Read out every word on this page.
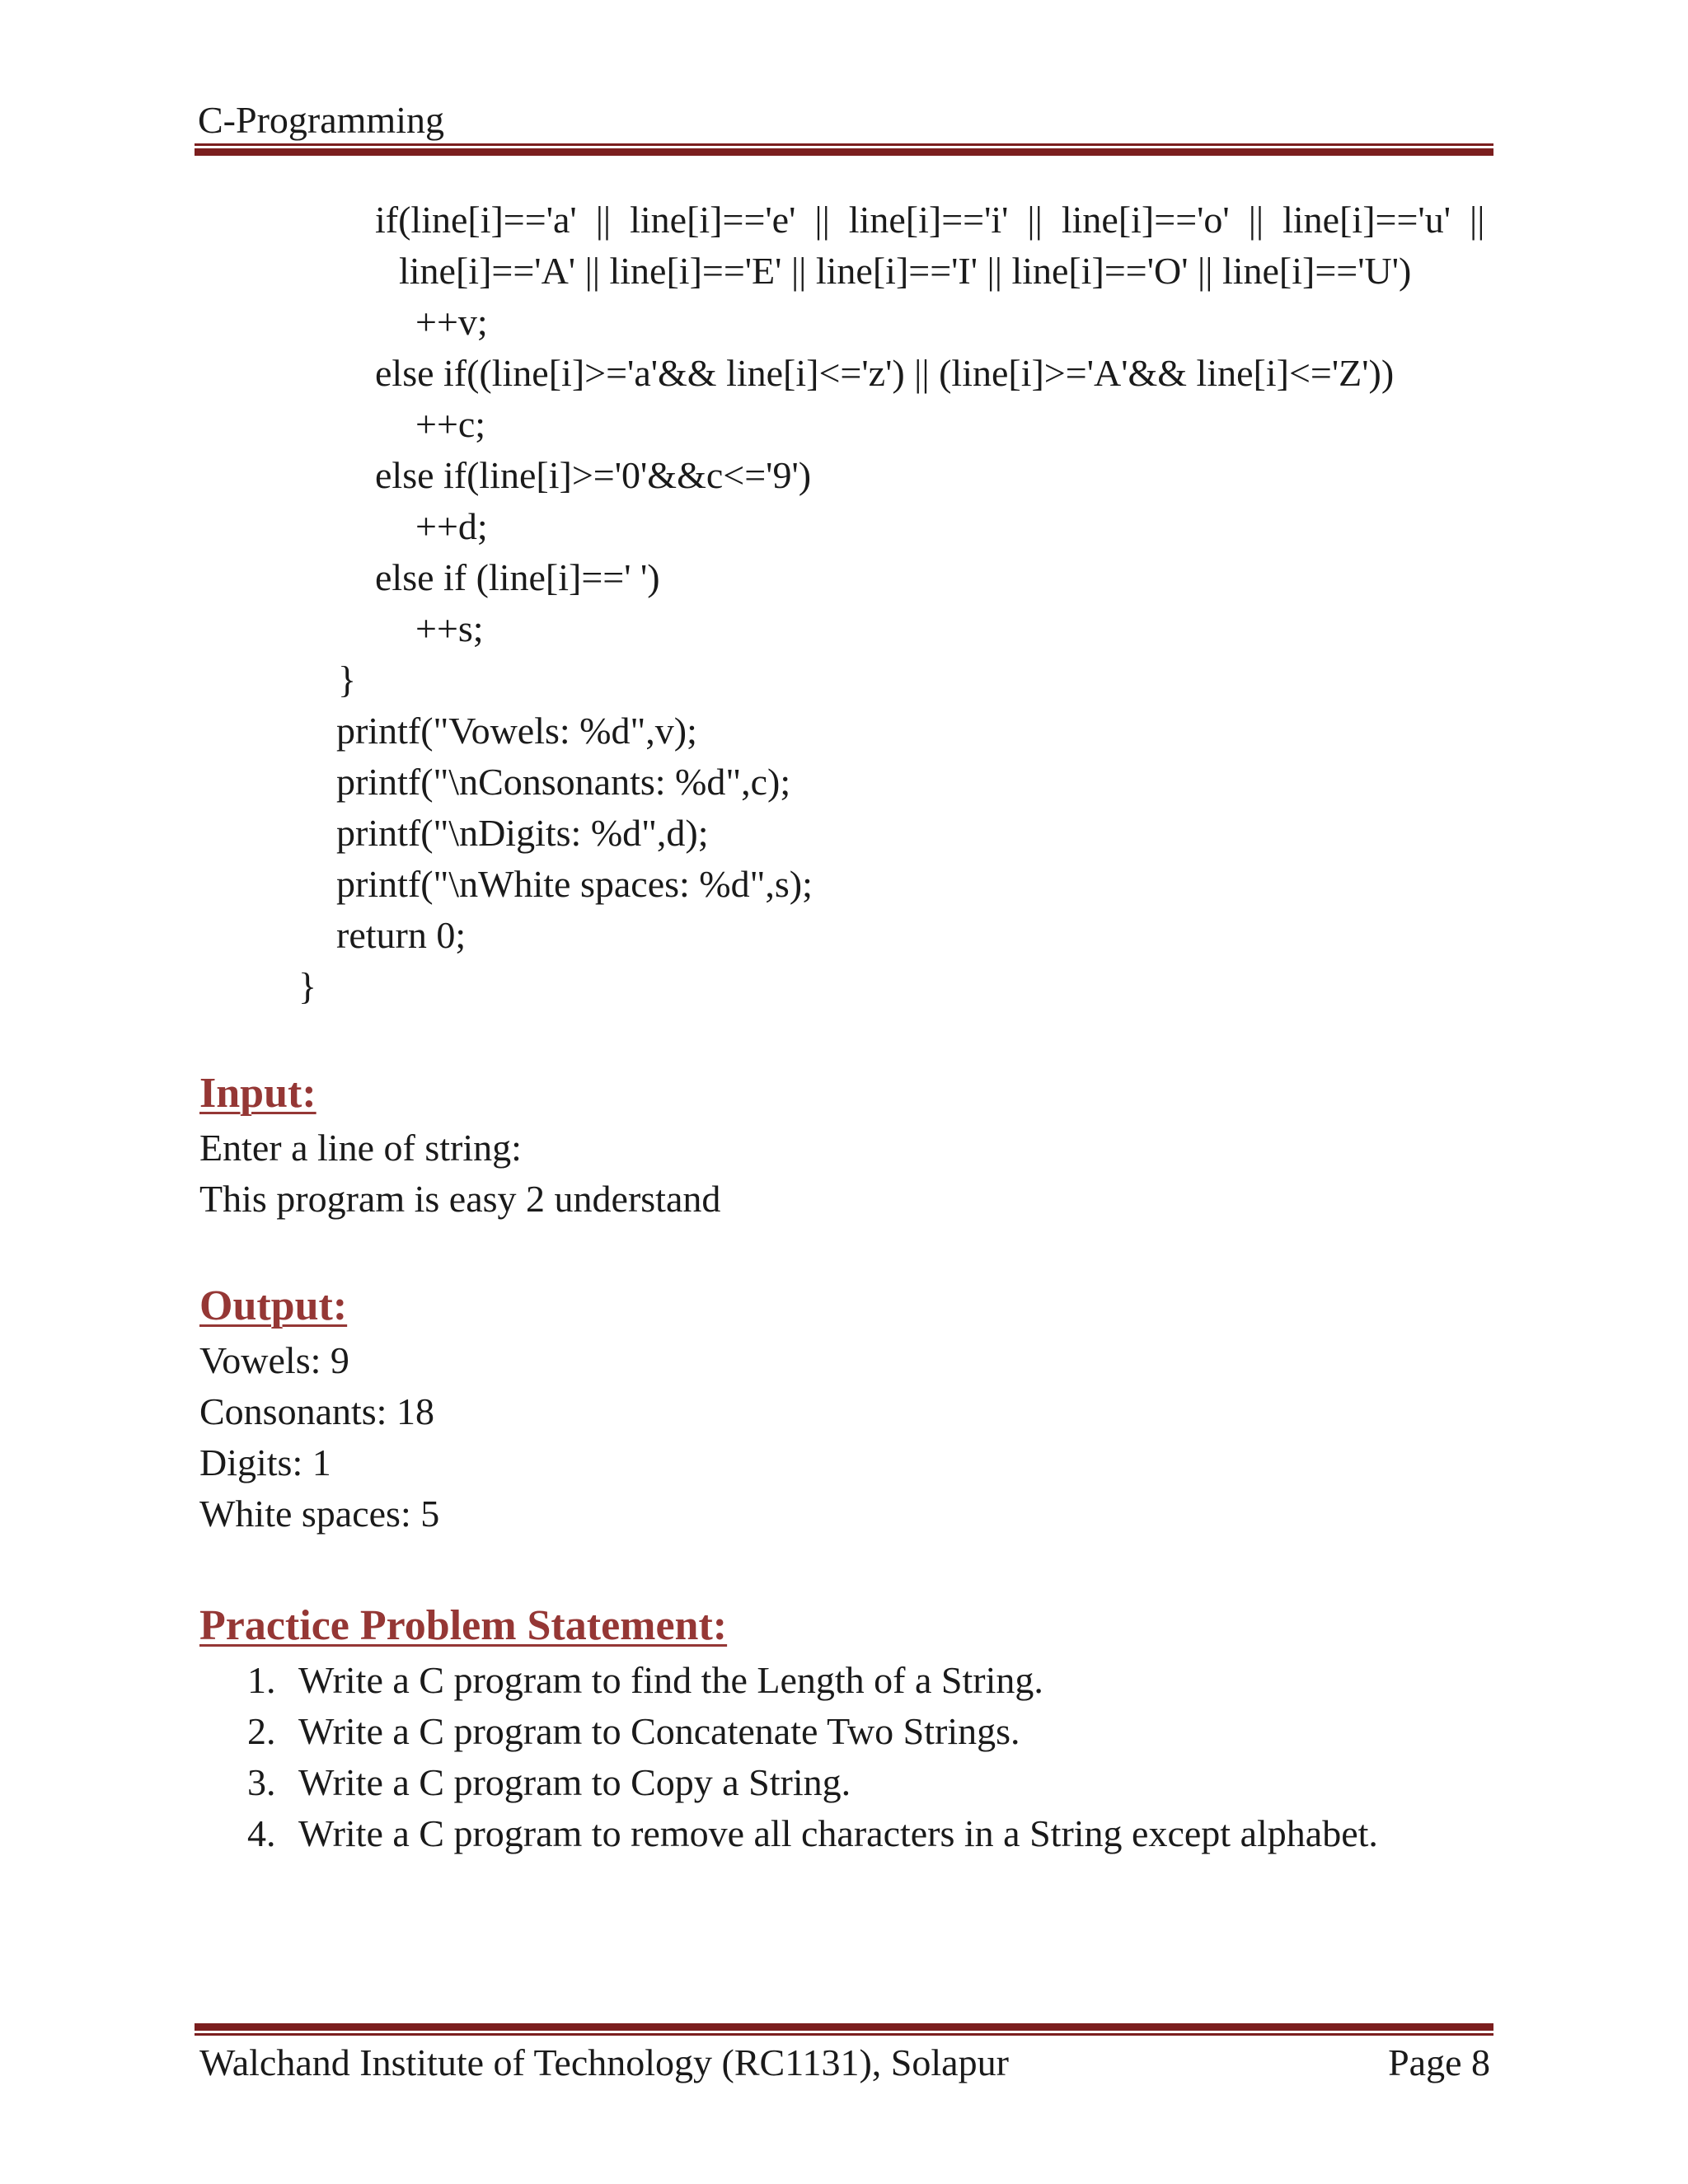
C-Programming
if(line[i]=='a'  ||  line[i]=='e'  ||  line[i]=='i'  ||  line[i]=='o'  ||  line[i]=='u'  ||
line[i]=='A' || line[i]=='E' || line[i]=='I' || line[i]=='O' || line[i]=='U')
++v;
else if((line[i]>='a'&& line[i]<='z') || (line[i]>='A'&& line[i]<='Z'))
++c;
else if(line[i]>='0'&&c<='9')
++d;
else if (line[i]==' ')
++s;
}
printf("Vowels: %d",v);
printf("\nConsonants: %d",c);
printf("\nDigits: %d",d);
printf("\nWhite spaces: %d",s);
return 0;
}
Input:
Enter a line of string:
This program is easy 2 understand
Output:
Vowels: 9
Consonants: 18
Digits: 1
White spaces: 5
Practice Problem Statement:
1. Write a C program to find the Length of a String.
2. Write a C program to Concatenate Two Strings.
3. Write a C program to Copy a String.
4. Write a C program to remove all characters in a String except alphabet.
Walchand Institute of Technology (RC1131), Solapur	Page 8
